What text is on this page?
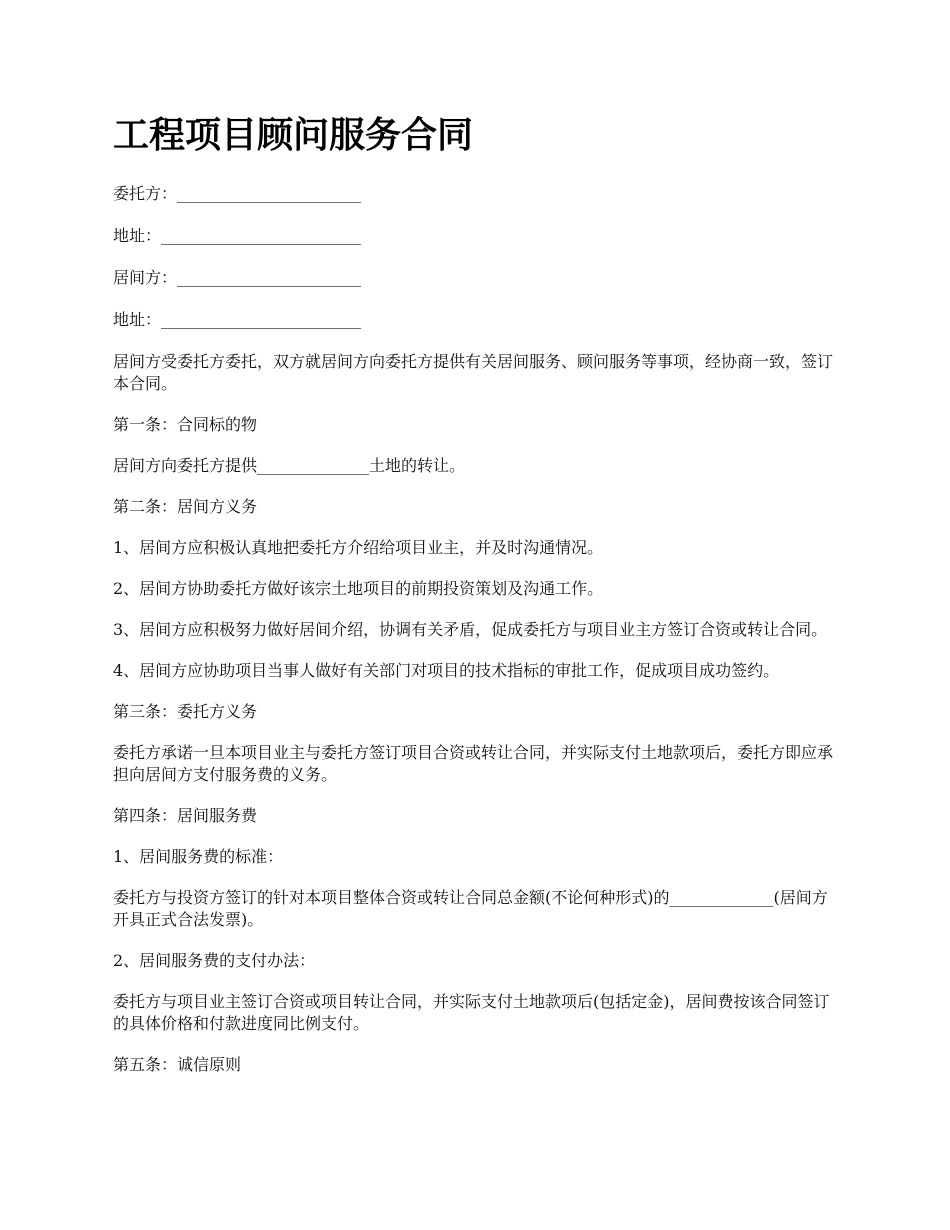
工程项目顾问服务合同
委托方：_______________________
地址：_________________________
居间方：_______________________
地址：_________________________
居间方受委托方委托，双方就居间方向委托方提供有关居间服务、顾问服务等事项，经协商一致，签订本合同。
第一条：合同标的物
居间方向委托方提供______________土地的转让。
第二条：居间方义务
1、居间方应积极认真地把委托方介绍给项目业主，并及时沟通情况。
2、居间方协助委托方做好该宗土地项目的前期投资策划及沟通工作。
3、居间方应积极努力做好居间介绍，协调有关矛盾，促成委托方与项目业主方签订合资或转让合同。
4、居间方应协助项目当事人做好有关部门对项目的技术指标的审批工作，促成项目成功签约。
第三条：委托方义务
委托方承诺一旦本项目业主与委托方签订项目合资或转让合同，并实际支付土地款项后，委托方即应承担向居间方支付服务费的义务。
第四条：居间服务费
1、居间服务费的标准：
委托方与投资方签订的针对本项目整体合资或转让合同总金额(不论何种形式)的_____________(居间方开具正式合法发票)。
2、居间服务费的支付办法：
委托方与项目业主签订合资或项目转让合同，并实际支付土地款项后(包括定金)，居间费按该合同签订的具体价格和付款进度同比例支付。
第五条：诚信原则
